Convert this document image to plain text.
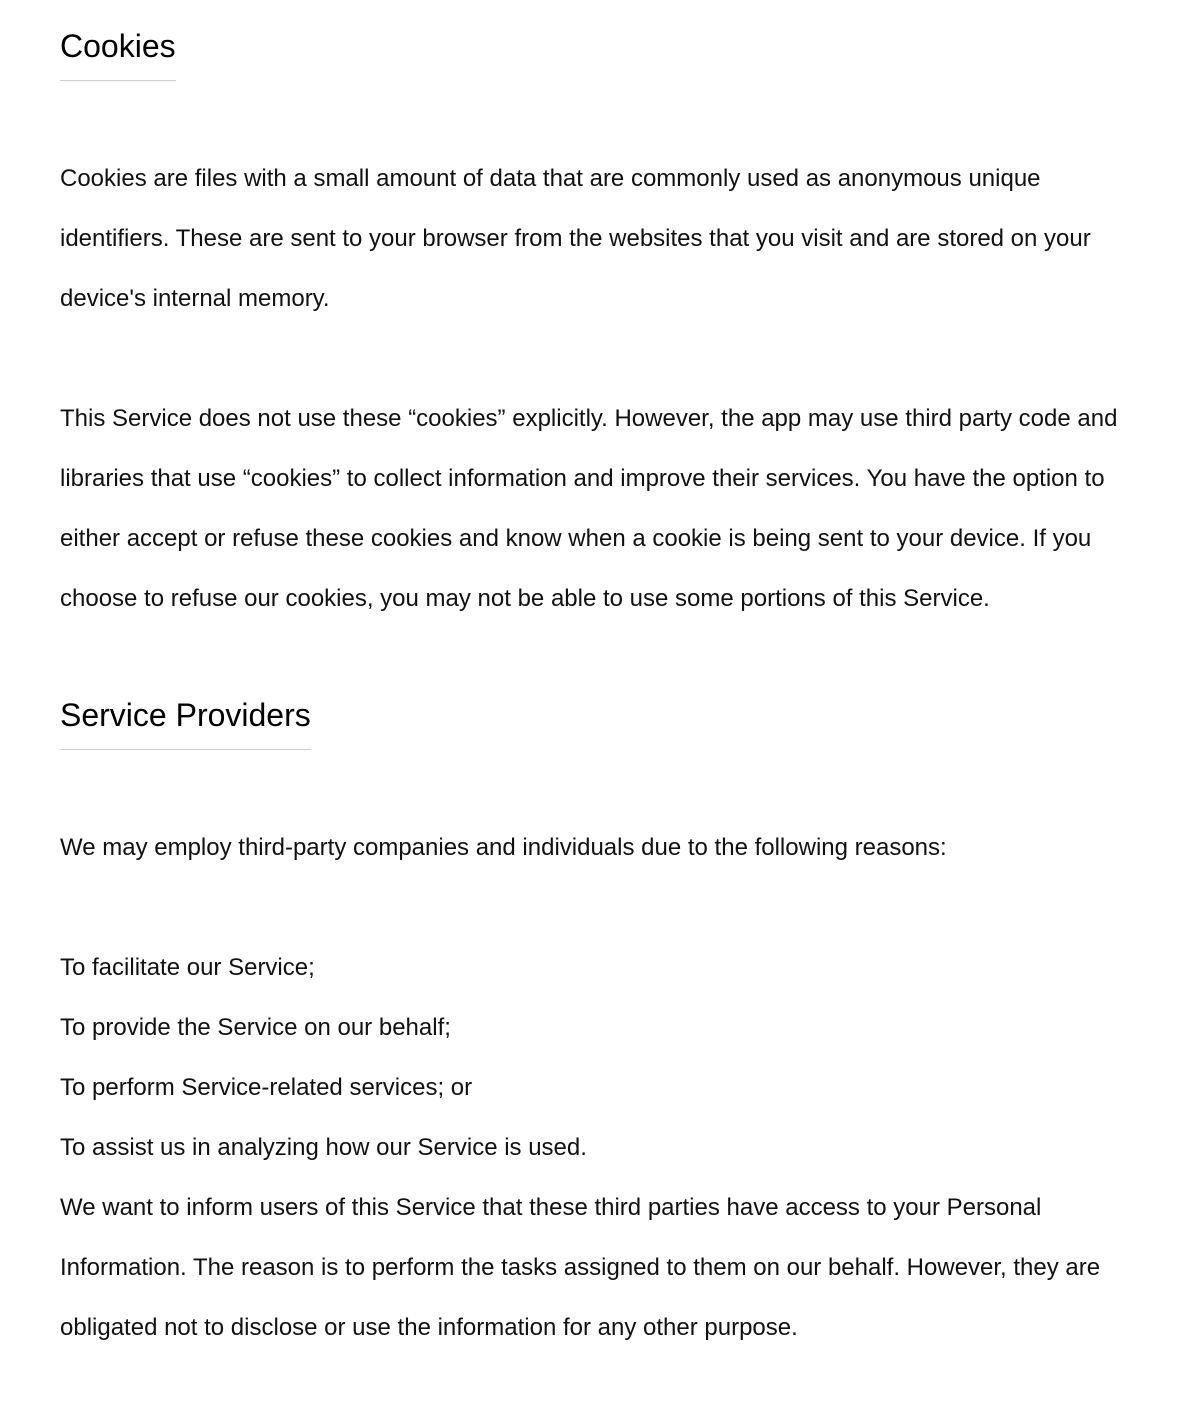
Cookies

Cookies are files with a small amount of data that are commonly used as anonymous unique identifiers. These are sent to your browser from the websites that you visit and are stored on your device's internal memory.

This Service does not use these “cookies” explicitly. However, the app may use third party code and libraries that use “cookies” to collect information and improve their services. You have the option to either accept or refuse these cookies and know when a cookie is being sent to your device. If you choose to refuse our cookies, you may not be able to use some portions of this Service.

Service Providers

We may employ third-party companies and individuals due to the following reasons:

To facilitate our Service;

To provide the Service on our behalf;

To perform Service-related services; or

To assist us in analyzing how our Service is used.

We want to inform users of this Service that these third parties have access to your Personal Information. The reason is to perform the tasks assigned to them on our behalf. However, they are obligated not to disclose or use the information for any other purpose.
